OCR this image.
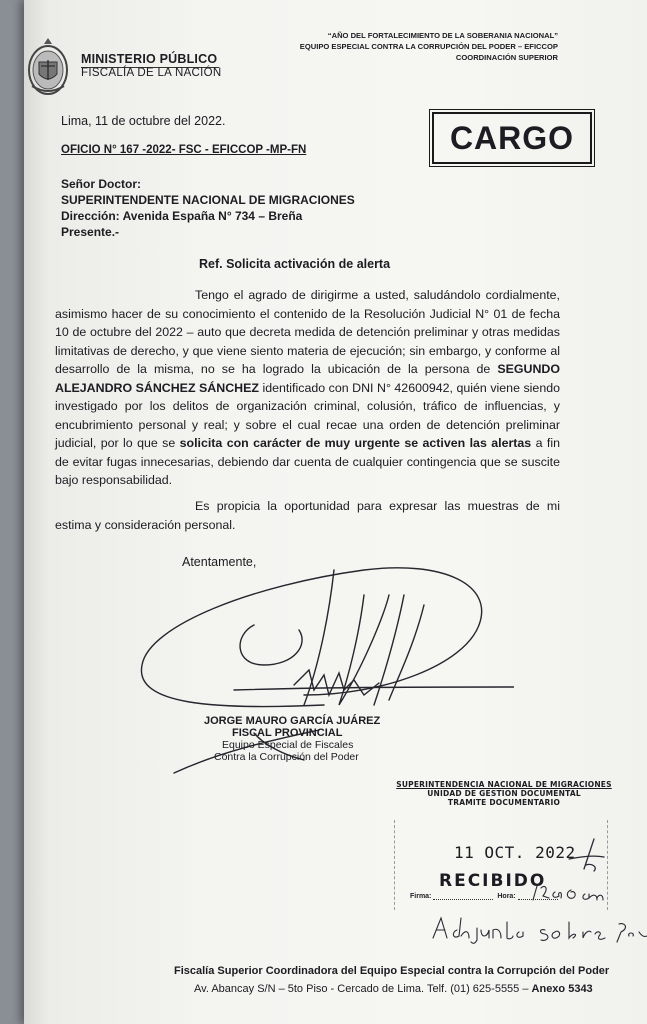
MINISTERIO PÚBLICO
FISCALÍA DE LA NACIÓN
“AÑO DEL FORTALECIMIENTO DE LA SOBERANIA NACIONAL”
EQUIPO ESPECIAL CONTRA LA CORRUPCIÓN DEL PODER – EFICCOP
COORDINACIÓN SUPERIOR
Lima, 11 de octubre del 2022.	CARGO
OFICIO N° 167 -2022- FSC - EFICCOP -MP-FN
Señor Doctor:
SUPERINTENDENTE NACIONAL DE MIGRACIONES
Dirección: Avenida España N° 734 – Breña
Presente.-
Ref. Solicita activación de alerta
Tengo el agrado de dirigirme a usted, saludándolo cordialmente, asimismo hacer de su conocimiento el contenido de la Resolución Judicial N° 01 de fecha 10 de octubre del 2022 – auto que decreta medida de detención preliminar y otras medidas limitativas de derecho, y que viene siento materia de ejecución; sin embargo, y conforme al desarrollo de la misma, no se ha logrado la ubicación de la persona de SEGUNDO ALEJANDRO SÁNCHEZ SÁNCHEZ identificado con DNI N° 42600942, quién viene siendo investigado por los delitos de organización criminal, colusión, tráfico de influencias, y encubrimiento personal y real; y sobre el cual recae una orden de detención preliminar judicial, por lo que se solicita con carácter de muy urgente se activen las alertas a fin de evitar fugas innecesarias, debiendo dar cuenta de cualquier contingencia que se suscite bajo responsabilidad.
Es propicia la oportunidad para expresar las muestras de mi estima y consideración personal.
Atentamente,
JORGE MAURO GARCÍA JUÁREZ
FISCAL PROVINCIAL
Equipo Especial de Fiscales
Contra la Corrupción del Poder
SUPERINTENDENCIA NACIONAL DE MIGRACIONES
UNIDAD DE GESTION DOCUMENTAL
TRAMITE DOCUMENTARIO
11 OCT. 2022
RECIBIDO
Firma:	Hora:
Fiscalía Superior Coordinadora del Equipo Especial contra la Corrupción del Poder
Av. Abancay S/N – 5to Piso - Cercado de Lima. Telf. (01) 625-5555 – Anexo 5343
